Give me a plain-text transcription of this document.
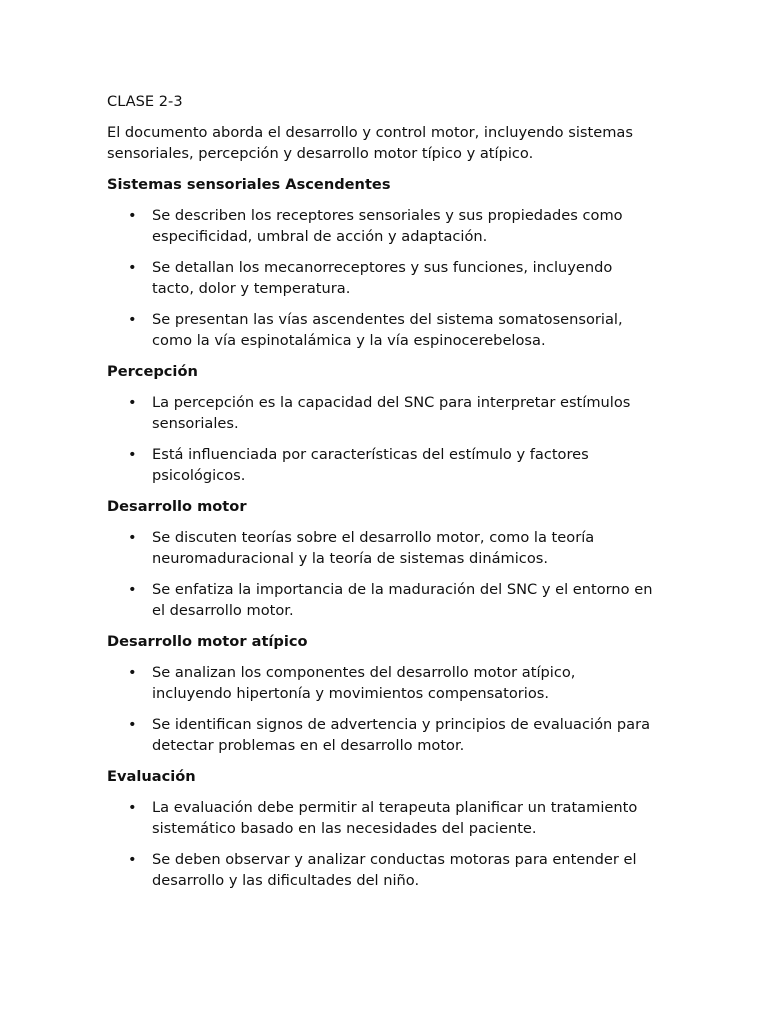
CLASE 2-3

El documento aborda el desarrollo y control motor, incluyendo sistemas sensoriales, percepción y desarrollo motor típico y atípico.

Sistemas sensoriales Ascendentes

• Se describen los receptores sensoriales y sus propiedades como especificidad, umbral de acción y adaptación.
• Se detallan los mecanorreceptores y sus funciones, incluyendo tacto, dolor y temperatura.
• Se presentan las vías ascendentes del sistema somatosensorial, como la vía espinotalámica y la vía espinocerebelosa.

Percepción

• La percepción es la capacidad del SNC para interpretar estímulos sensoriales.
• Está influenciada por características del estímulo y factores psicológicos.

Desarrollo motor

• Se discuten teorías sobre el desarrollo motor, como la teoría neuromaduracional y la teoría de sistemas dinámicos.
• Se enfatiza la importancia de la maduración del SNC y el entorno en el desarrollo motor.

Desarrollo motor atípico

• Se analizan los componentes del desarrollo motor atípico, incluyendo hipertonía y movimientos compensatorios.
• Se identifican signos de advertencia y principios de evaluación para detectar problemas en el desarrollo motor.

Evaluación

• La evaluación debe permitir al terapeuta planificar un tratamiento sistemático basado en las necesidades del paciente.
• Se deben observar y analizar conductas motoras para entender el desarrollo y las dificultades del niño.
